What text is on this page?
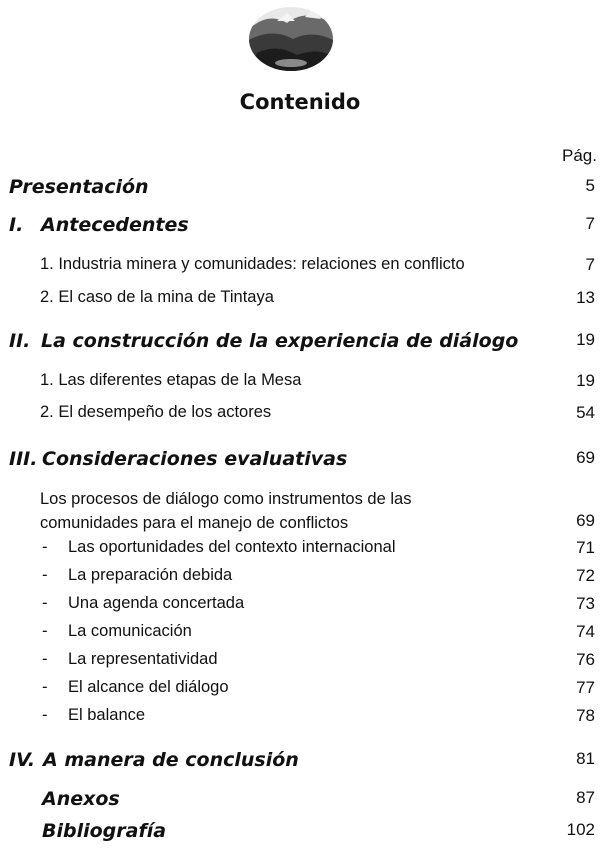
Contenido
Pág.
Presentación	5
I. Antecedentes	7
1. Industria minera y comunidades: relaciones en conflicto	7
2. El caso de la mina de Tintaya	13
II. La construcción de la experiencia de diálogo	19
1. Las diferentes etapas de la Mesa	19
2. El desempeño de los actores	54
III. Consideraciones evaluativas	69
Los procesos de diálogo como instrumentos de las
comunidades para el manejo de conflictos	69
- Las oportunidades del contexto internacional	71
- La preparación debida	72
- Una agenda concertada	73
- La comunicación	74
- La representatividad	76
- El alcance del diálogo	77
- El balance	78
IV. A manera de conclusión	81
Anexos	87
Bibliografía	102
